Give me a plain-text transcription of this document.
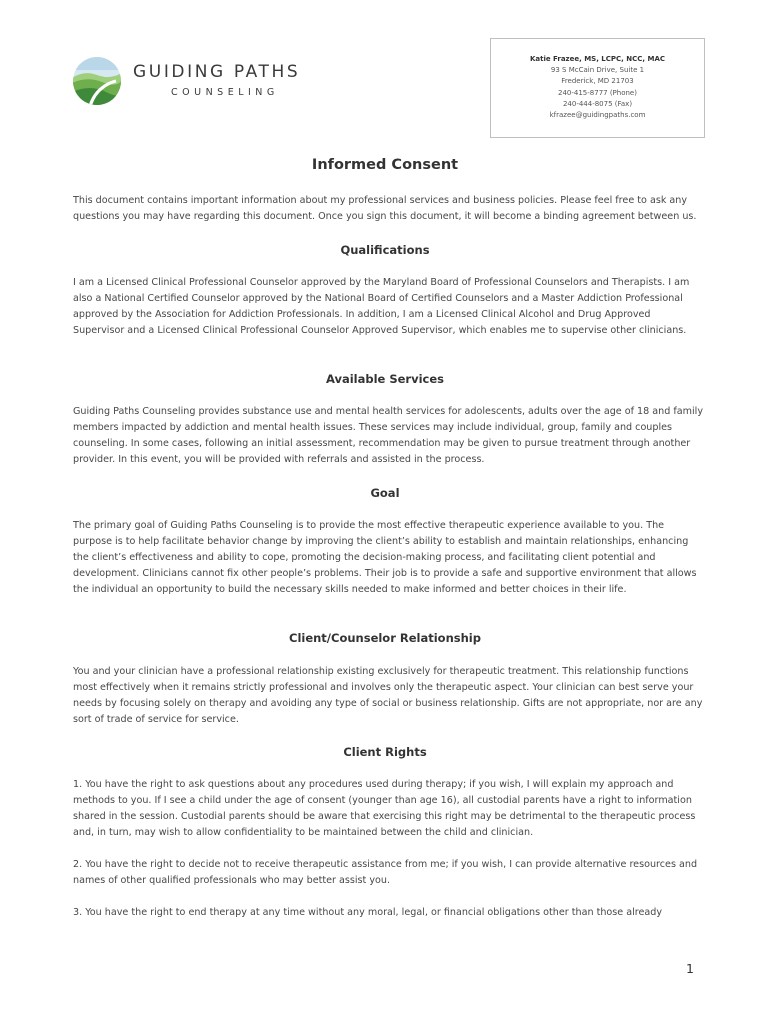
GUIDING PATHS
COUNSELING
Katie Frazee, MS, LCPC, NCC, MAC
93 S McCain Drive, Suite 1
Frederick, MD 21703
240-415-8777 (Phone)
240-444-8075 (Fax)
kfrazee@guidingpaths.com
Informed Consent

This document contains important information about my professional services and business policies. Please feel free to ask any questions you may have regarding this document. Once you sign this document, it will become a binding agreement between us.

Qualifications

I am a Licensed Clinical Professional Counselor approved by the Maryland Board of Professional Counselors and Therapists. I am also a National Certified Counselor approved by the National Board of Certified Counselors and a Master Addiction Professional approved by the Association for Addiction Professionals. In addition, I am a Licensed Clinical Alcohol and Drug Approved Supervisor and a Licensed Clinical Professional Counselor Approved Supervisor, which enables me to supervise other clinicians.

Available Services

Guiding Paths Counseling provides substance use and mental health services for adolescents, adults over the age of 18 and family members impacted by addiction and mental health issues. These services may include individual, group, family and couples counseling. In some cases, following an initial assessment, recommendation may be given to pursue treatment through another provider. In this event, you will be provided with referrals and assisted in the process.

Goal

The primary goal of Guiding Paths Counseling is to provide the most effective therapeutic experience available to you. The purpose is to help facilitate behavior change by improving the client’s ability to establish and maintain relationships, enhancing the client’s effectiveness and ability to cope, promoting the decision-making process, and facilitating client potential and development. Clinicians cannot fix other people’s problems. Their job is to provide a safe and supportive environment that allows the individual an opportunity to build the necessary skills needed to make informed and better choices in their life.

Client/Counselor Relationship

You and your clinician have a professional relationship existing exclusively for therapeutic treatment. This relationship functions most effectively when it remains strictly professional and involves only the therapeutic aspect. Your clinician can best serve your needs by focusing solely on therapy and avoiding any type of social or business relationship. Gifts are not appropriate, nor are any sort of trade of service for service.

Client Rights

1. You have the right to ask questions about any procedures used during therapy; if you wish, I will explain my approach and methods to you. If I see a child under the age of consent (younger than age 16), all custodial parents have a right to information shared in the session. Custodial parents should be aware that exercising this right may be detrimental to the therapeutic process and, in turn, may wish to allow confidentiality to be maintained between the child and clinician.

2. You have the right to decide not to receive therapeutic assistance from me; if you wish, I can provide alternative resources and names of other qualified professionals who may better assist you.

3. You have the right to end therapy at any time without any moral, legal, or financial obligations other than those already

1
